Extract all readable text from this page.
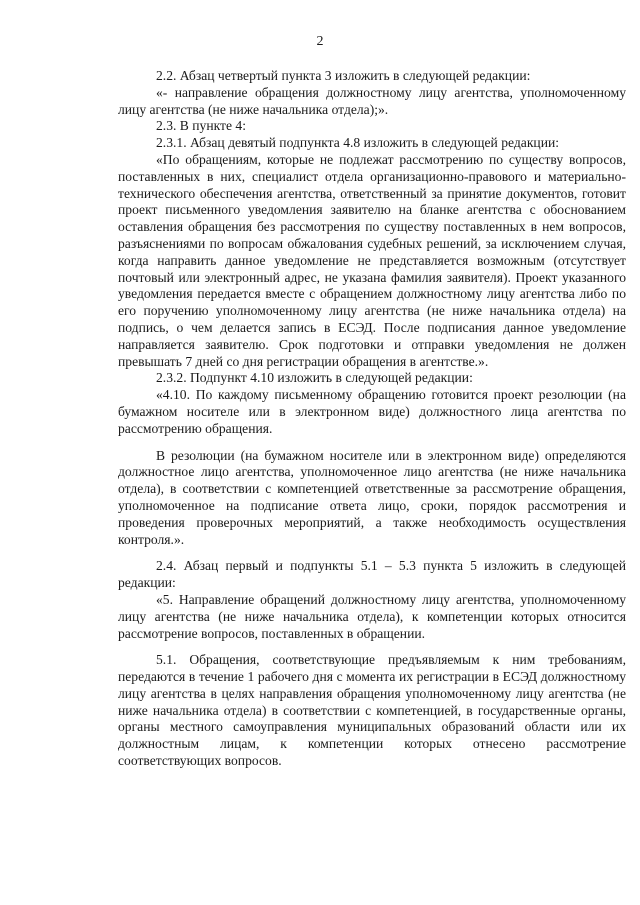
2

2.2. Абзац четвертый пункта 3 изложить в следующей редакции:

«- направление обращения должностному лицу агентства, уполномоченному лицу агентства (не ниже начальника отдела);».

2.3. В пункте 4:

2.3.1. Абзац девятый подпункта 4.8 изложить в следующей редакции:

«По обращениям, которые не подлежат рассмотрению по существу вопросов, поставленных в них, специалист отдела организационно-правового и материально-технического обеспечения агентства, ответственный за принятие документов, готовит проект письменного уведомления заявителю на бланке агентства с обоснованием оставления обращения без рассмотрения по существу поставленных в нем вопросов, разъяснениями по вопросам обжалования судебных решений, за исключением случая, когда направить данное уведомление не представляется возможным (отсутствует почтовый или электронный адрес, не указана фамилия заявителя). Проект указанного уведомления передается вместе с обращением должностному лицу агентства либо по его поручению уполномоченному лицу агентства (не ниже начальника отдела) на подпись, о чем делается запись в ЕСЭД. После подписания данное уведомление направляется заявителю. Срок подготовки и отправки уведомления не должен превышать 7 дней со дня регистрации обращения в агентстве.».

2.3.2. Подпункт 4.10 изложить в следующей редакции:

«4.10. По каждому письменному обращению готовится проект резолюции (на бумажном носителе или в электронном виде) должностного лица агентства по рассмотрению обращения.

В резолюции (на бумажном носителе или в электронном виде) определяются должностное лицо агентства, уполномоченное лицо агентства (не ниже начальника отдела), в соответствии с компетенцией ответственные за рассмотрение обращения, уполномоченное на подписание ответа лицо, сроки, порядок рассмотрения и проведения проверочных мероприятий, а также необходимость осуществления контроля.».

2.4. Абзац первый и подпункты 5.1 – 5.3 пункта 5 изложить в следующей редакции:

«5. Направление обращений должностному лицу агентства, уполномоченному лицу агентства (не ниже начальника отдела), к компетенции которых относится рассмотрение вопросов, поставленных в обращении.

5.1. Обращения, соответствующие предъявляемым к ним требованиям, передаются в течение 1 рабочего дня с момента их регистрации в ЕСЭД должностному лицу агентства в целях направления обращения уполномоченному лицу агентства (не ниже начальника отдела) в соответствии с компетенцией, в государственные органы, органы местного самоуправления муниципальных образований области или их должностным лицам, к компетенции которых отнесено рассмотрение соответствующих вопросов.
